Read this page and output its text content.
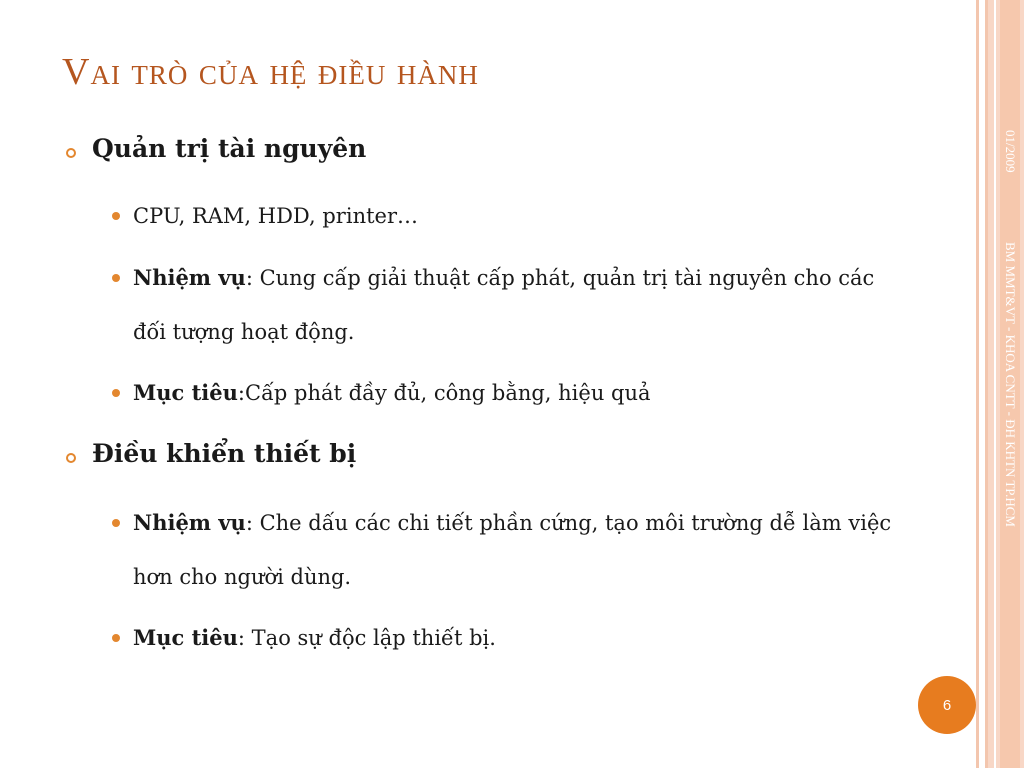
01/2009
BM MMT&VT - KHOA CNTT - ĐH KHTN TP.HCM
Vai trò của hệ điều hành
Quản trị tài nguyên
CPU, RAM, HDD, printer…
Nhiệm vụ: Cung cấp giải thuật cấp phát, quản trị tài nguyên cho các đối tượng hoạt động.
Mục tiêu:Cấp phát đầy đủ, công bằng, hiệu quả
Điều khiển thiết bị
Nhiệm vụ: Che dấu các chi tiết phần cứng, tạo môi trường dễ làm việc hơn cho người dùng.
Mục tiêu: Tạo sự độc lập thiết bị.
6
